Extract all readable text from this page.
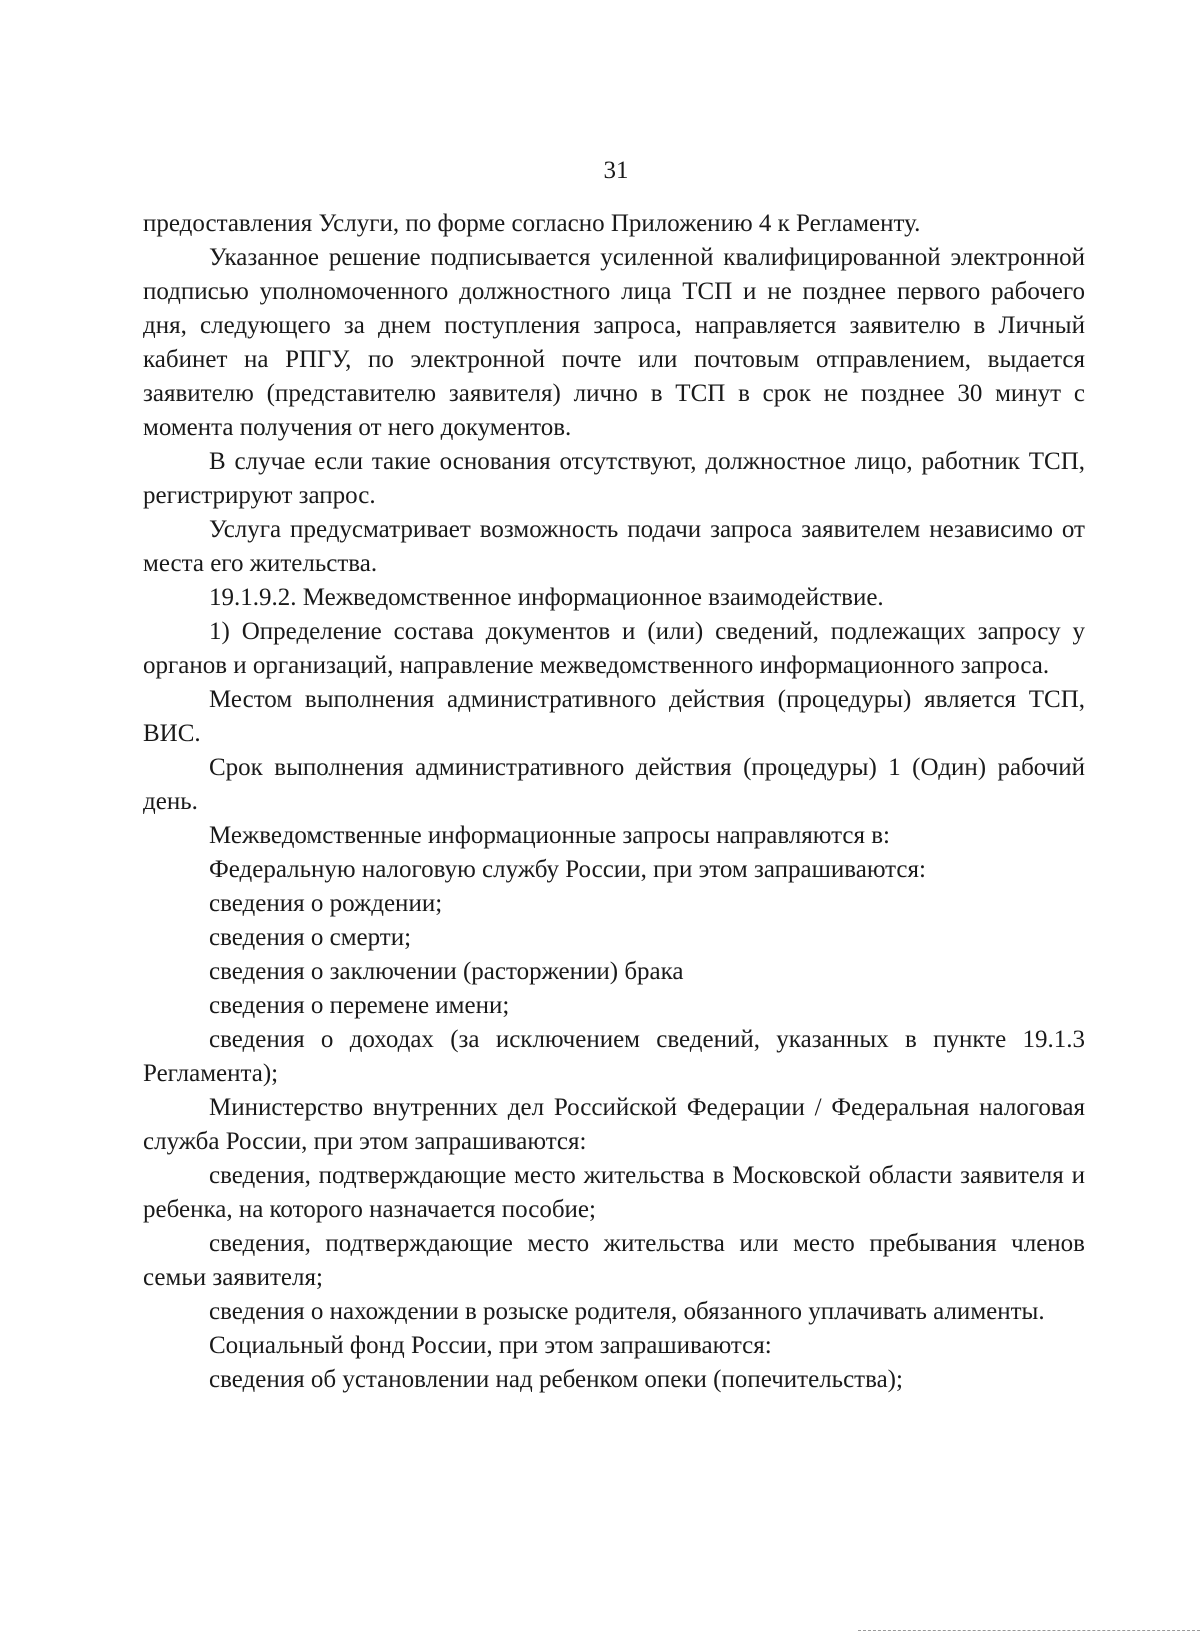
31

предоставления Услуги, по форме согласно Приложению 4 к Регламенту.

Указанное решение подписывается усиленной квалифицированной электронной подписью уполномоченного должностного лица ТСП и не позднее первого рабочего дня, следующего за днем поступления запроса, направляется заявителю в Личный кабинет на РПГУ, по электронной почте или почтовым отправлением, выдается заявителю (представителю заявителя) лично в ТСП в срок не позднее 30 минут с момента получения от него документов.

В случае если такие основания отсутствуют, должностное лицо, работник ТСП, регистрируют запрос.

Услуга предусматривает возможность подачи запроса заявителем независимо от места его жительства.

19.1.9.2. Межведомственное информационное взаимодействие.

1) Определение состава документов и (или) сведений, подлежащих запросу у органов и организаций, направление межведомственного информационного запроса.

Местом выполнения административного действия (процедуры) является ТСП, ВИС.

Срок выполнения административного действия (процедуры) 1 (Один) рабочий день.

Межведомственные информационные запросы направляются в:

Федеральную налоговую службу России, при этом запрашиваются:

сведения о рождении;

сведения о смерти;

сведения о заключении (расторжении) брака

сведения о перемене имени;

сведения о доходах (за исключением сведений, указанных в пункте 19.1.3 Регламента);

Министерство внутренних дел Российской Федерации / Федеральная налоговая служба России, при этом запрашиваются:

сведения, подтверждающие место жительства в Московской области заявителя и ребенка, на которого назначается пособие;

сведения, подтверждающие место жительства или место пребывания членов семьи заявителя;

сведения о нахождении в розыске родителя, обязанного уплачивать алименты.

Социальный фонд России, при этом запрашиваются:

сведения об установлении над ребенком опеки (попечительства);
